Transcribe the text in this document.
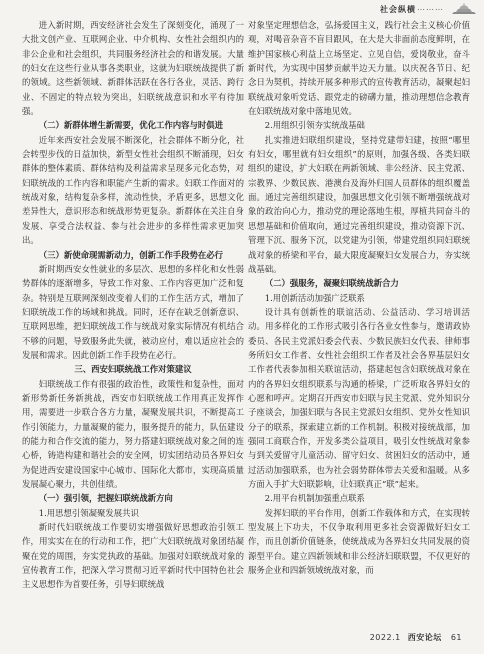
社会纵横 ………

进入新时期，西安经济社会发生了深刻变化，涌现了一大批文创产业、互联网企业、中介机构、女性社会组织内的非公企业和社会组织，共同服务经济社会的和谐发展。大量的妇女在这些行业从事各类职业，这就为妇联统战提供了新的领域。这些新领域、新群体活跃在各行各业，灵活、跨行业、不固定的特点较为突出，妇联统战意识和水平有待加强。

（二）新群体增生新需要，优化工作内容与时俱进

近年来西安社会发展不断深化，社会群体不断分化，社会转型步伐的日益加快，新型女性社会组织不断涌现，妇女群体的整体素质、群体结构及利益需求呈现多元化态势，对妇联统战的工作内容和职能产生新的需求。妇联工作面对的统战对象，结构复杂多样，流动性快，矛盾更多，思想文化差异性大，意识形态和统战形势更复杂。新群体在关注自身发展、享受合法权益、参与社会进步的多样性需求更加突出。

（三）新使命现需新动力，创新工作手段势在必行

新时期西安女性就业的多层次、思想的多样化和女性弱势群体的逐渐增多，导致工作对象、工作内容更加广泛和复杂。特别是互联网深刻改变着人们的工作生活方式，增加了妇联统战工作的场域和挑战。同时，还存在缺乏创新意识、互联网思维，把妇联统战工作与统战对象实际情况有机结合不够的问题，导致服务此失就，被动应付，难以适应社会的发展和需求。因此创新工作手段势在必行。

三、西安妇联统战工作对策建议

妇联统战工作有很强的政治性，政策性和复杂性，面对新形势新任务新挑战，西安市妇联统战工作用真正发挥作用，需要进一步联合各方力量，凝聚发展共识，不断提高工作引领能力，力量凝聚的能力，服务提升的能力，队伍建设的能力和合作交流的能力，努力搭建妇联统战对象之间的连心桥，铸造构建和谐社会的安全网，切实团结动员各界妇女为促进西安建设国家中心城市、国际化大都市，实现高质量发展凝心聚力，共创佳绩。

（一）强引领，把握妇联统战新方向

1.用思想引领凝聚发展共识

新时代妇联统战工作要切实增强做好思想政治引领工作，用实实在在的行动和工作，把广大妇联统战对象团结凝聚在党的周围，夯实党执政的基础。加强对妇联统战对象的宣传教育工作，把深入学习贯彻习近平新时代中国特色社会主义思想作为首要任务，引导妇联统战

对象坚定理想信念，弘扬爱国主义，践行社会主义核心价值观，对喝音杂音不盲目跟风，在大是大非面前态度鲜明，在维护国家核心利益上立场坚定、立见自信，爱岗敬业，奋斗新时代，为实现中国梦贡献半边天力量。以庆祝各节日、纪念日为契机，持续开展多种形式的宣传教育活动，凝聚起妇联统战对象听党话、跟党走的磅礴力量，推动理想信念教育在妇联统战对象中落地见效。

2.用组织引领夯实统战基础

扎实推进妇联组织建设，坚持党建带妇建，按照“哪里有妇女，哪里就有妇女组织”的原则，加强各级、各类妇联组织的建设，扩大妇联在两新领域、非公经济、民主党派、宗教界、少数民族、港澳台及海外归国人员群体的组织覆盖面。通过完善组织建设，加强思想文化引领不断增强统战对象的政治向心力，推动党的理论落地生根，厚植共同奋斗的思想基础和价值取向，通过完善组织建设，推动资源下沉、管理下沉、服务下沉，以党建为引领，带建党组织同妇联统战对象的桥梁和平台，最大限度凝聚妇女发展合力，夯实统战基础。

（二）强服务，凝聚妇联统战新合力

1.用创新活动加强广泛联系

设计具有创新性的联谊活动、公益活动、学习培训活动。用多样化的工作形式吸引各行各业女性参与，邀请政协委员、各民主党派妇委会代表、少数民族妇女代表、律师事务所妇女工作者、女性社会组织工作者及社会各界基层妇女工作者代表参加相关联谊活动，搭建起包含妇联统战对象在内的各界妇女组织联系与沟通的桥梁，广泛听取各界妇女的心愿和呼声。定期召开西安市妇联与民主党派、党外知识分子座谈会，加强妇联与各民主党派妇女组织、党外女性知识分子的联系，探索建立新的工作机制。积极对接统战部，加强同工商联合作，开发多类公益项目，吸引女性统战对象参与到关爱留守儿童活动、留守妇女、贫困妇女的活动中，通过活动加强联系，也为社会弱势群体带去关爱和温暖。从多方面入手扩大妇联影响，让妇联真正“联”起来。

2.用平台机制加强重点联系

发挥妇联的平台作用，创新工作载体和方式，在实现转型发展上下功夫，不仅争取利用更多社会资源做好妇女工作，而且创新价值链条，使统战成为各界妇女共同发展的资源型平台。建立四新领域和非公经济妇联联盟，不仅更好的服务企业和四新领域统战对象，而

2022.1 西安论坛 61
